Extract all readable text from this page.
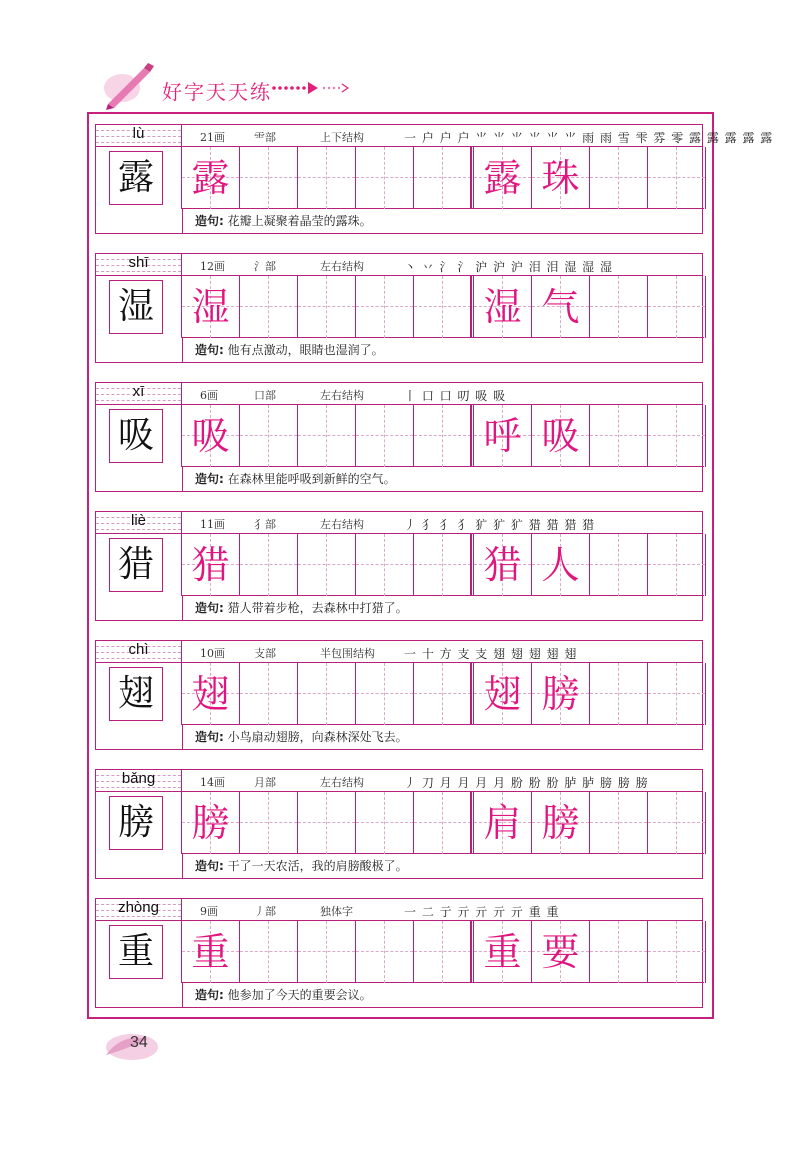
好字天天练
lù	21画	⻗部	上下结构	⼀ ⼾ ⼾ ⼾ ⺌ ⺌ ⺌ ⺌ ⺌ ⺌ 雨 雨 雪 雫 雰 零 露 露 露 露 露
露 露	露 珠
造句: 花瓣上凝聚着晶莹的露珠。
shī	12画	氵部	左右结构	丶 丷 氵 氵 沪 沪 沪 泪 泪 湿 湿 湿
湿 湿	湿 气
造句: 他有点激动，眼睛也湿润了。
xī	6画	口部	左右结构	丨 口 口 叨 吸 吸
吸 吸	呼 吸
造句: 在森林里能呼吸到新鲜的空气。
liè	11画	犭部	左右结构	丿 犭 犭 犭 犷 犷 犷 猎 猎 猎 猎
猎 猎	猎 人
造句: 猎人带着步枪，去森林中打猎了。
chì	10画	支部	半包围结构 一 十 方 支 支 翅 翅 翅 翅 翅
翅 翅	翅 膀
造句: 小鸟扇动翅膀，向森林深处飞去。
bǎng	14画	月部	左右结构	丿 刀 月 月 月 月 肦 肦 肦 胪 胪 膀 膀 膀
膀 膀	肩 膀
造句: 干了一天农活，我的肩膀酸极了。
zhòng	9画	丿部	独体字	一 二 亍 亓 亓 亓 亓 重 重
重 重	重 要
造句: 他参加了今天的重要会议。
34
